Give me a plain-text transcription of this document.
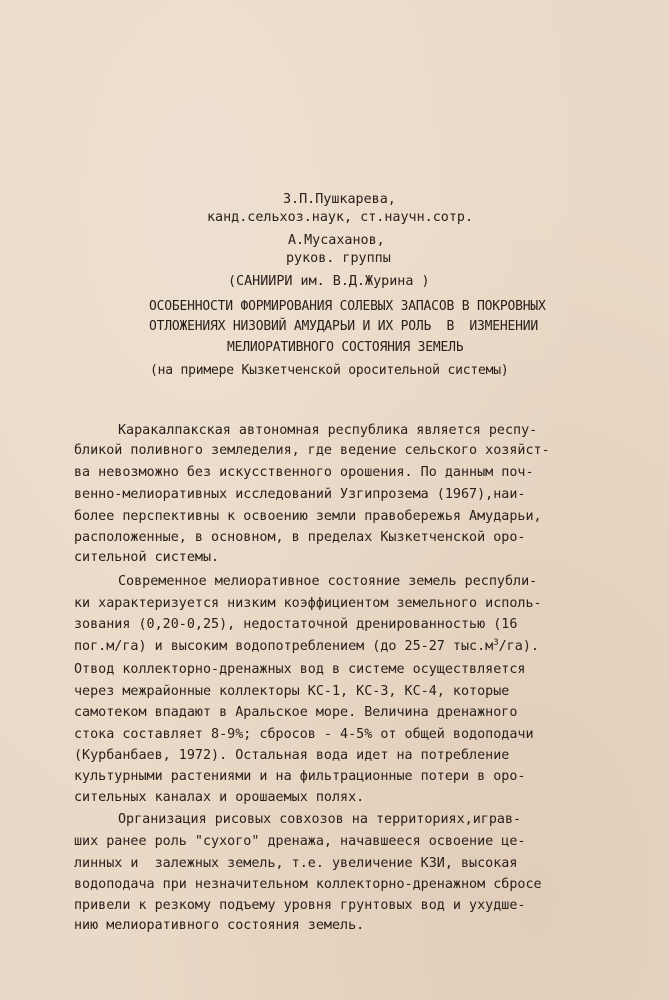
З.П.Пушкарева,
канд.сельхоз.наук, ст.научн.сотр.
А.Мусаханов,
руков. группы
(САНИИРИ им. В.Д.Журина )
ОСОБЕННОСТИ ФОРМИРОВАНИЯ СОЛЕВЫХ ЗАПАСОВ В ПОКРОВНЫХ
ОТЛОЖЕНИЯХ НИЗОВИЙ АМУДАРЬИ И ИХ РОЛЬ  В  ИЗМЕНЕНИИ
МЕЛИОРАТИВНОГО СОСТОЯНИЯ ЗЕМЕЛЬ
(на примере Кызкетченской оросительной системы)
Каракалпакская автономная республика является респу-
бликой поливного земледелия, где ведение сельского хозяйст-
ва невозможно без искусственного орошения. По данным поч-
венно-мелиоративных исследований Узгипрозема (1967),наи-
более перспективны к освоению земли правобережья Амударьи,
расположенные, в основном, в пределах Кызкетченской оро-
сительной системы.
Современное мелиоративное состояние земель республи-
ки характеризуется низким коэффициентом земельного исполь-
зования (0,20-0,25), недостаточной дренированностью (16
пог.м/га) и высоким водопотреблением (до 25-27 $тыс.м^3/га$).
Отвод коллекторно-дренажных вод в системе осуществляется
через межрайонные коллекторы КС-1, КС-3, КС-4, которые
самотеком впадают в Аральское море. Величина дренажного
стока составляет 8-9%; сбросов - 4-5% от общей водоподачи
(Курбанбаев, 1972). Остальная вода идет на потребление
культурными растениями и на фильтрационные потери в оро-
сительных каналах и орошаемых полях.
Организация рисовых совхозов на территориях,играв-
ших ранее роль "сухого" дренажа, начавшееся освоение це-
линных и  залежных земель, т.е. увеличение КЗИ, высокая
водоподача при незначительном коллекторно-дренажном сбросе
привели к резкому подъему уровня грунтовых вод и ухудше-
нию мелиоративного состояния земель.
